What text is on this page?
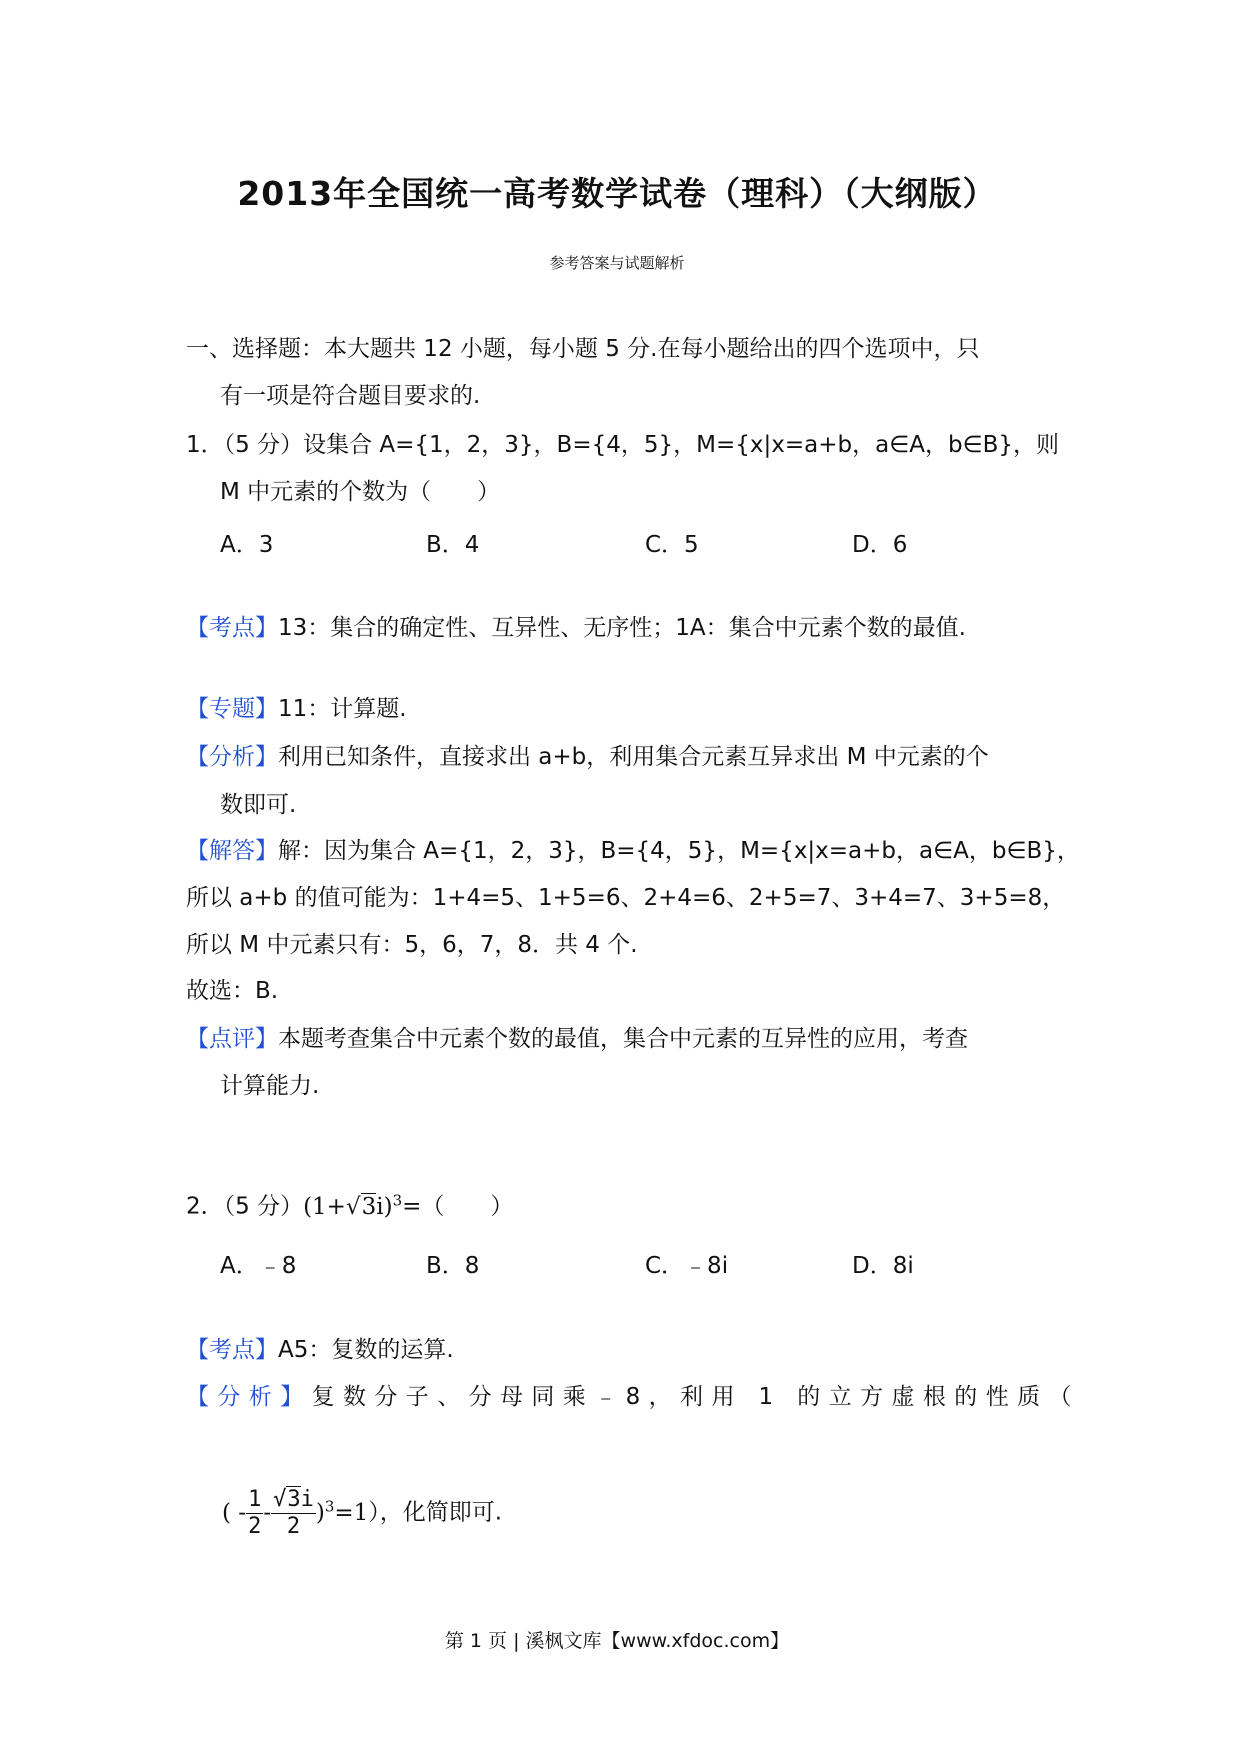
2013年全国统一高考数学试卷（理科）（大纲版）
参考答案与试题解析
一、选择题：本大题共 12 小题，每小题 5 分.在每小题给出的四个选项中，只
有一项是符合题目要求的.
1．（5 分）设集合 A={1，2，3}，B={4，5}，M={x|x=a+b，a∈A，b∈B}，则
M 中元素的个数为（　　）
A．3	B．4	C．5	D．6
【考点】13：集合的确定性、互异性、无序性；1A：集合中元素个数的最值.
【专题】11：计算题.
【分析】利用已知条件，直接求出 a+b，利用集合元素互异求出 M 中元素的个
数即可.
【解答】解：因为集合 A={1，2，3}，B={4，5}，M={x|x=a+b，a∈A，b∈B}，
所以 a+b 的值可能为：1+4=5、1+5=6、2+4=6、2+5=7、3+4=7、3+5=8，
所以 M 中元素只有：5，6，7，8．共 4 个.
故选：B.
【点评】本题考查集合中元素个数的最值，集合中元素的互异性的应用，考查
计算能力.
2．（5 分）$(1+√3i)^3=$（　　）
A．﹣8	B．8	C．﹣8i	D．8i
【考点】A5：复数的运算.
【分析】复数分子、分母同乘﹣8，利用 1 的立方虚根的性质（
( - $\frac{1}{2} - \frac{√3i}{2} )^3=1$），化简即可.
第 1 页 | 溪枫文库【www.xfdoc.com】
